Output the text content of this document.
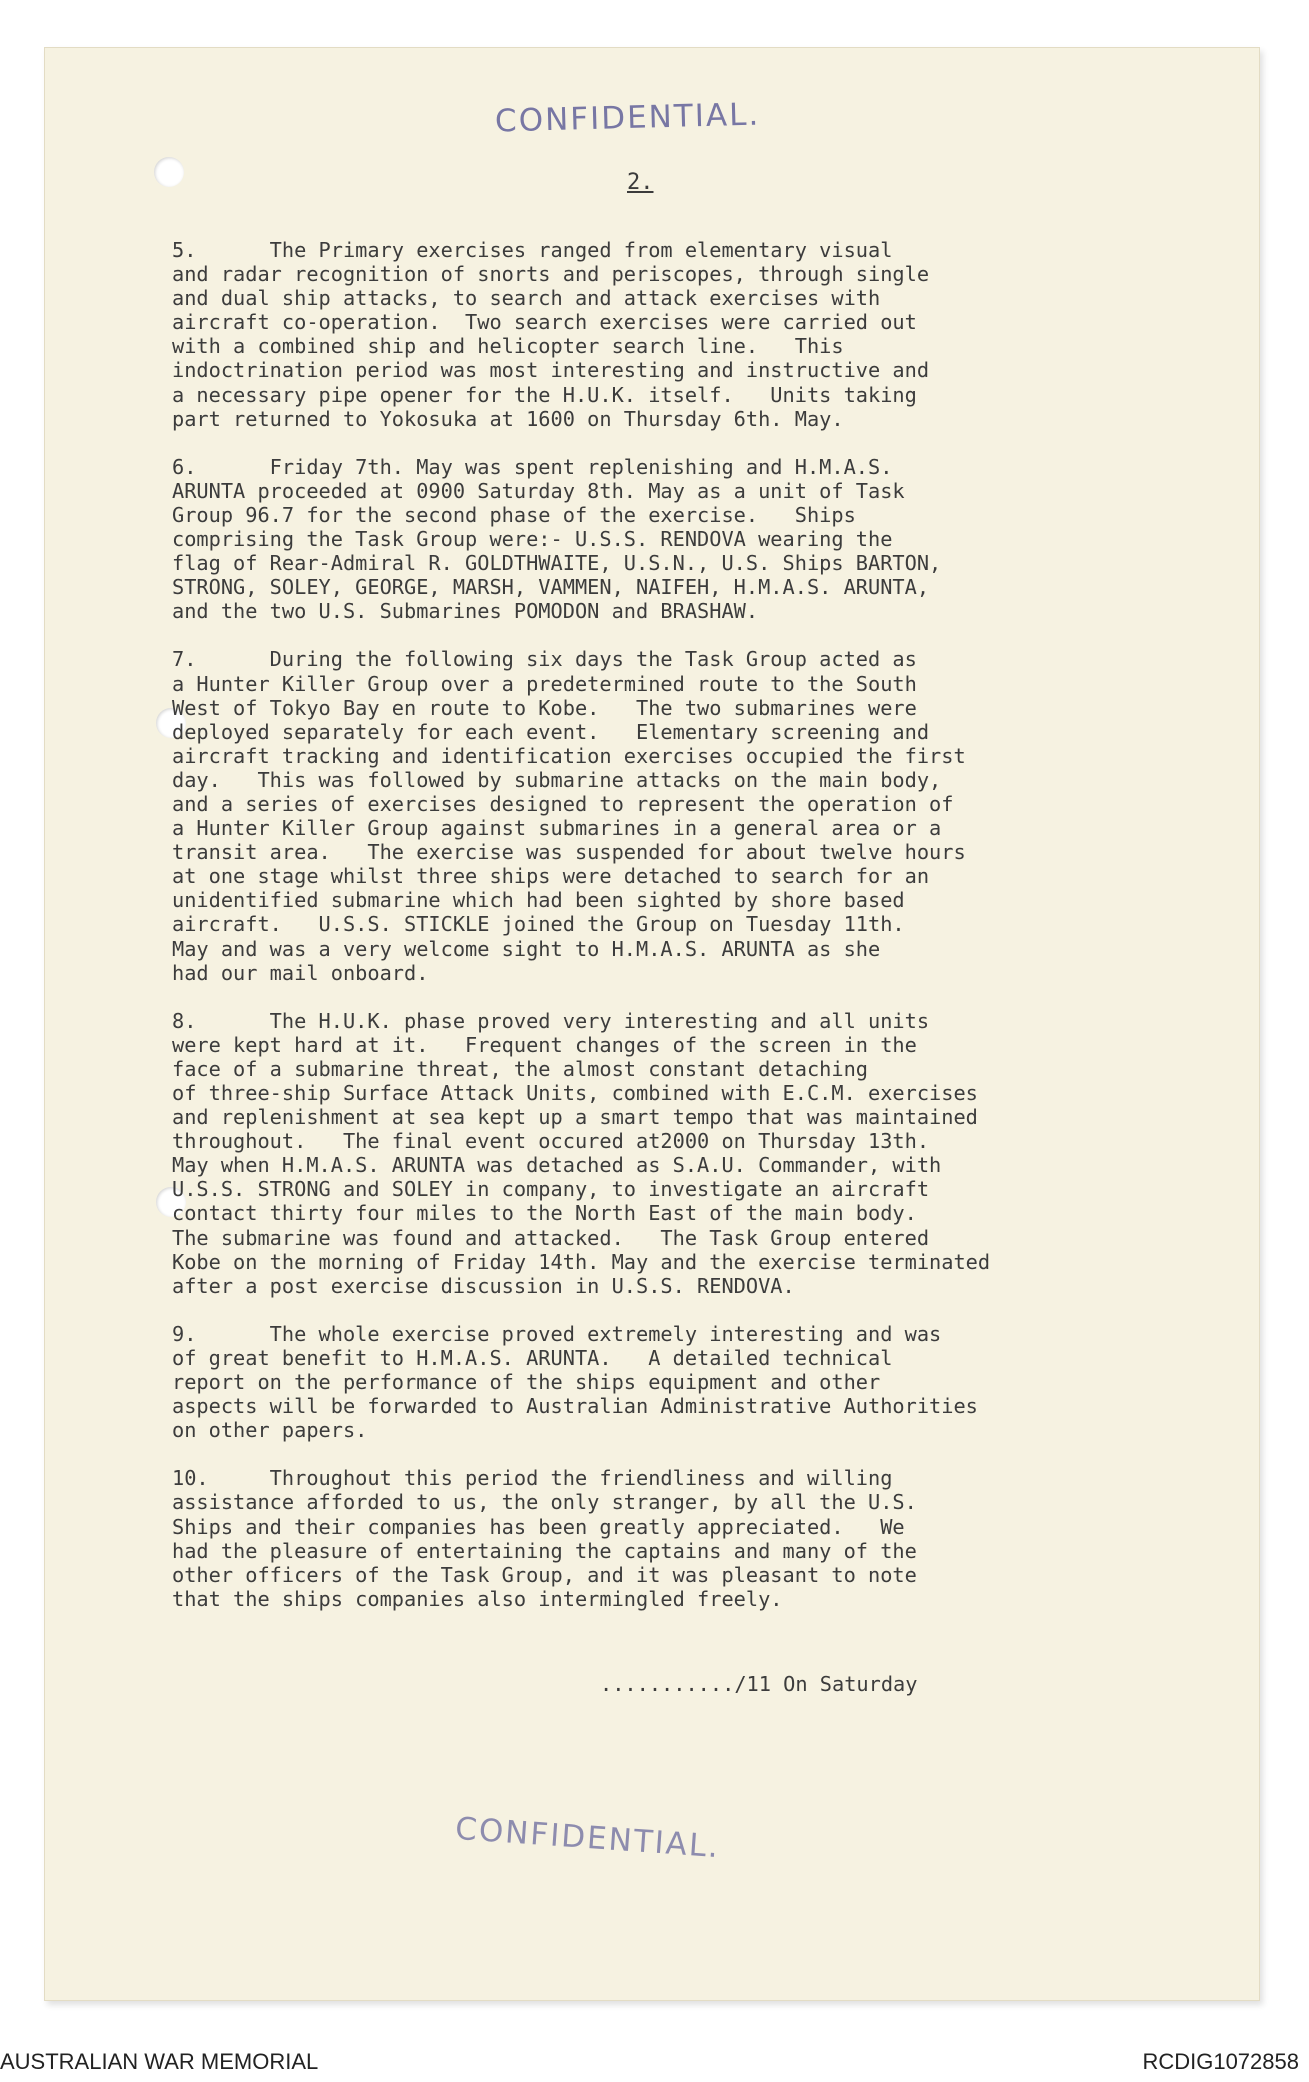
CONFIDENTIAL.
2.
5.      The Primary exercises ranged from elementary visual
and radar recognition of snorts and periscopes, through single
and dual ship attacks, to search and attack exercises with
aircraft co-operation.  Two search exercises were carried out
with a combined ship and helicopter search line.   This
indoctrination period was most interesting and instructive and
a necessary pipe opener for the H.U.K. itself.   Units taking
part returned to Yokosuka at 1600 on Thursday 6th. May.
6.      Friday 7th. May was spent replenishing and H.M.A.S.
ARUNTA proceeded at 0900 Saturday 8th. May as a unit of Task
Group 96.7 for the second phase of the exercise.   Ships
comprising the Task Group were:- U.S.S. RENDOVA wearing the
flag of Rear-Admiral R. GOLDTHWAITE, U.S.N., U.S. Ships BARTON,
STRONG, SOLEY, GEORGE, MARSH, VAMMEN, NAIFEH, H.M.A.S. ARUNTA,
and the two U.S. Submarines POMODON and BRASHAW.
7.      During the following six days the Task Group acted as
a Hunter Killer Group over a predetermined route to the South
West of Tokyo Bay en route to Kobe.   The two submarines were
deployed separately for each event.   Elementary screening and
aircraft tracking and identification exercises occupied the first
day.   This was followed by submarine attacks on the main body,
and a series of exercises designed to represent the operation of
a Hunter Killer Group against submarines in a general area or a
transit area.   The exercise was suspended for about twelve hours
at one stage whilst three ships were detached to search for an
unidentified submarine which had been sighted by shore based
aircraft.   U.S.S. STICKLE joined the Group on Tuesday 11th.
May and was a very welcome sight to H.M.A.S. ARUNTA as she
had our mail onboard.
8.      The H.U.K. phase proved very interesting and all units
were kept hard at it.   Frequent changes of the screen in the
face of a submarine threat, the almost constant detaching
of three-ship Surface Attack Units, combined with E.C.M. exercises
and replenishment at sea kept up a smart tempo that was maintained
throughout.   The final event occured at2000 on Thursday 13th.
May when H.M.A.S. ARUNTA was detached as S.A.U. Commander, with
U.S.S. STRONG and SOLEY in company, to investigate an aircraft
contact thirty four miles to the North East of the main body.
The submarine was found and attacked.   The Task Group entered
Kobe on the morning of Friday 14th. May and the exercise terminated
after a post exercise discussion in U.S.S. RENDOVA.
9.      The whole exercise proved extremely interesting and was
of great benefit to H.M.A.S. ARUNTA.   A detailed technical
report on the performance of the ships equipment and other
aspects will be forwarded to Australian Administrative Authorities
on other papers.
10.     Throughout this period the friendliness and willing
assistance afforded to us, the only stranger, by all the U.S.
Ships and their companies has been greatly appreciated.   We
had the pleasure of entertaining the captains and many of the
other officers of the Task Group, and it was pleasant to note
that the ships companies also intermingled freely.
.........../11 On Saturday
CONFIDENTIAL.
AUSTRALIAN WAR MEMORIAL	RCDIG1072858
